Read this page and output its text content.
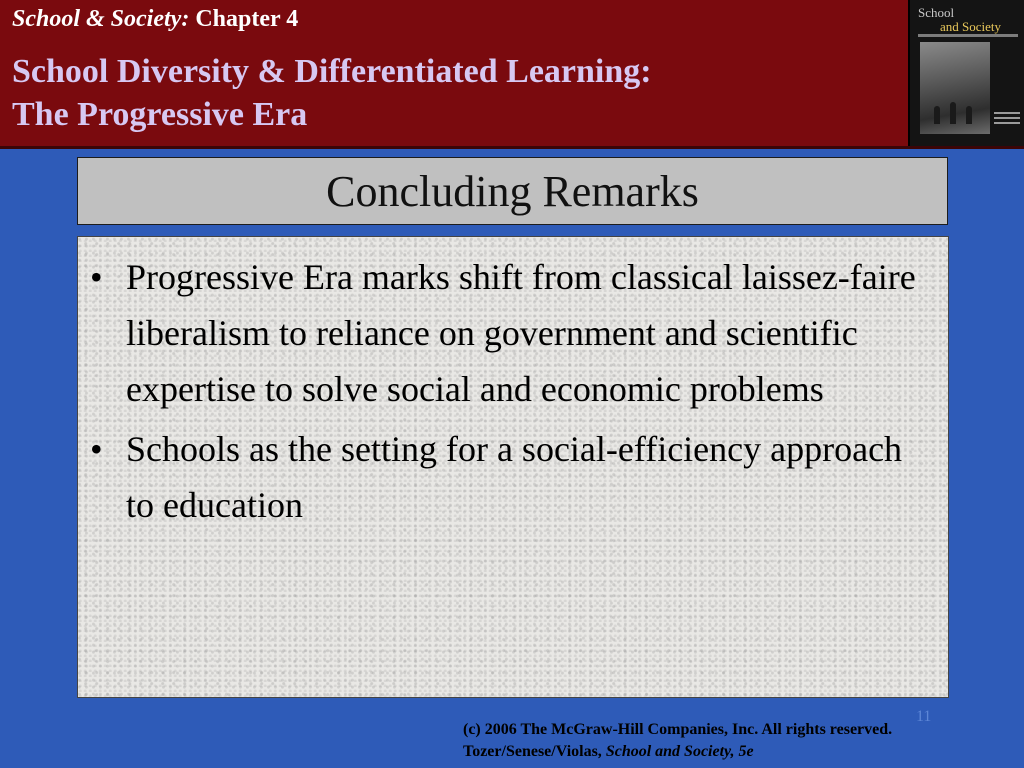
School & Society: Chapter 4
School Diversity & Differentiated Learning:
The Progressive Era
School
and Society
Concluding Remarks
• Progressive Era marks shift from classical laissez-faire liberalism to reliance on government and scientific expertise to solve social and economic problems
• Schools as the setting for a social-efficiency approach to education
11
(c) 2006 The McGraw-Hill Companies, Inc. All rights reserved.
Tozer/Senese/Violas, School and Society, 5e
